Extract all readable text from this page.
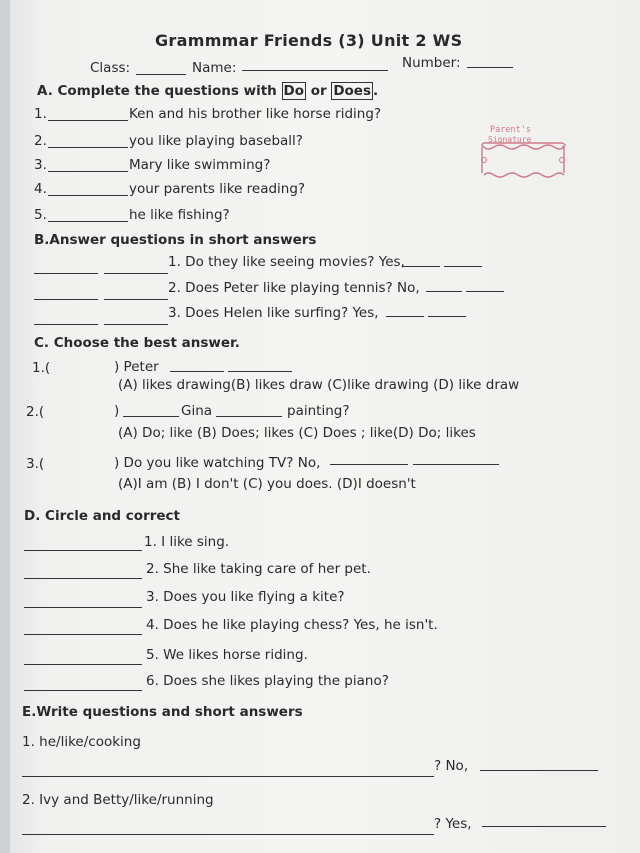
Grammmar Friends (3) Unit 2 WS
Class:	Name:	Number:
A. Complete the questions with Do or Does .
1.	Ken and his brother like horse riding?
2.	you like playing baseball?
3.	Mary like swimming?
4.	your parents like reading?
5.	he like fishing?
Parent's
Signature
B.Answer questions in short answers
1. Do they like seeing movies? Yes,
2. Does Peter like playing tennis? No,
3. Does Helen like surfing? Yes,
C. Choose the best answer.
1.(	) Peter
(A) likes drawing(B) likes draw (C)like drawing (D) like draw
2.(	)	Gina	painting?
(A) Do; like (B) Does; likes (C) Does ; like(D) Do; likes
3.(	) Do you like watching TV? No,
(A)I am (B) I don't (C) you does. (D)I doesn't
D. Circle and correct
1. I like sing.
2. She like taking care of her pet.
3. Does you like flying a kite?
4. Does he like playing chess? Yes, he isn't.
5. We likes horse riding.
6. Does she likes playing the piano?
E.Write questions and short answers
1. he/like/cooking
? No,
2. Ivy and Betty/like/running
? Yes,
